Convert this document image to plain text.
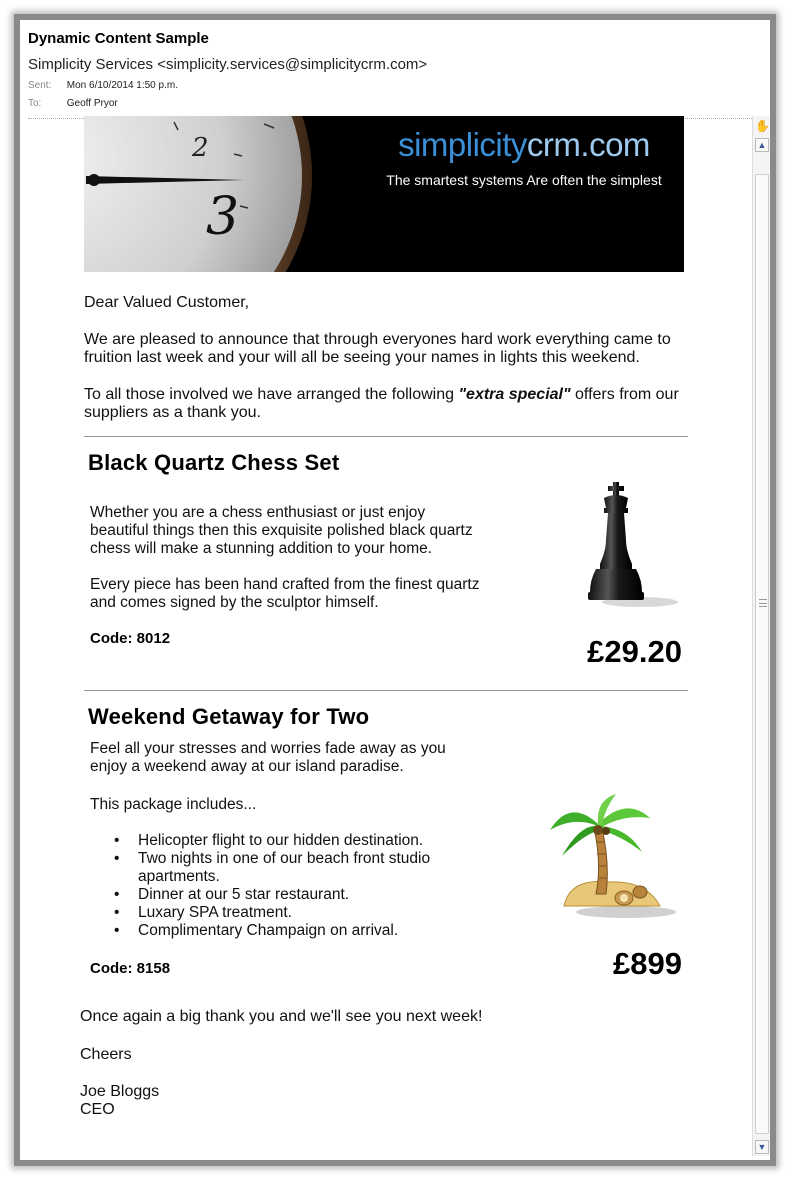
Dynamic Content Sample
Simplicity Services <simplicity.services@simplicitycrm.com>
Sent: Mon 6/10/2014 1:50 p.m.
To:	Geoff Pryor
2
3
simplicitycrm.com
The smartest systems Are often the simplest
Dear Valued Customer,
We are pleased to announce that through everyones hard work everything came to
fruition last week and your will all be seeing your names in lights this weekend.
To all those involved we have arranged the following "extra special" offers from our
suppliers as a thank you.
Black Quartz Chess Set
Whether you are a chess enthusiast or just enjoy
beautiful things then this exquisite polished black quartz
chess will make a stunning addition to your home.
Every piece has been hand crafted from the finest quartz
and comes signed by the sculptor himself.
Code: 8012	£29.20
Weekend Getaway for Two
Feel all your stresses and worries fade away as you
enjoy a weekend away at our island paradise.
This package includes...
• Helicopter flight to our hidden destination.
• Two nights in one of our beach front studio
apartments.
• Dinner at our 5 star restaurant.
• Luxary SPA treatment.
• Complimentary Champaign on arrival.
Code: 8158	£899
Once again a big thank you and we'll see you next week!
Cheers
Joe Bloggs
CEO
✋
▲
▼
